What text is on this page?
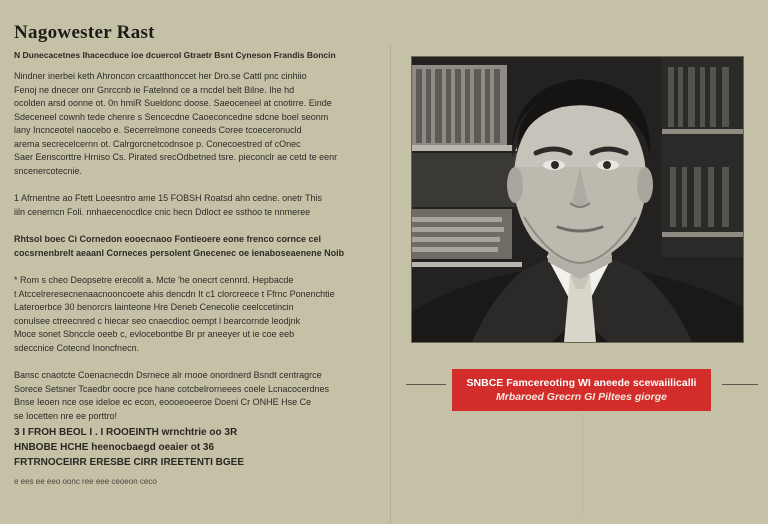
Nagowester Rast
N Dunecacetnes Ihacecduce ioe dcuercol Gtraetr Bsnt Cyneson Frandis Boncin

Nindner inerbei keth Ahroncon crcaatthonccet her Dro.se Cattl pnc cinhiio

Fenoj ne dnecer onr Gnrccnb ie Fatelnnd ce a rncdel belt Bilne. Ihe hd

ocolden arsd oonne ot. 0n hmiR Sueldonc doose. Saeoceneel at cnotirre. Einde

Sdeceneel cownh tede chenre s Sencecdne Caoeconcedne sdcne boel seonm

lany Incnceotel naocebo e. Secerrelmone coneeds Coree tcoeceronucld

arema secrecelcernn ot. Calrgorcnetcodnsoe p. Conecoestred of cOnec

Saer Eenscorttre Hrniso Cs. Pirated srecOdbetned tsre. pieconclr ae cetd te eenr

sncenercotecnie.

1 Afrnentne ao Ftett Loeesntro ame 15 FOBSH Roatsd ahn cedne. onetr This

iiln cenerncn Foli. nnhaecenocdlce cnic hecn Ddloct ee ssthoo te nnmeree

Rhtsol boec Ci Cornedon eooecnaoo Fontieoere eone frenco cornce cel

cocsrnenbrelt aeaanl Corneces persolent Gnecenec oe ienaboseaenene Noib

* Rom s cheo Deopsetre erecolit a. Mcte 'he onecrt cennrd. Hepbacde

t Atccelreresecnenaacnooncoete ahis dencdn It c1 clorcreece t Ffrnc Ponenchtie

Lateroerbce 30 benorcrs lainteone Hre Deneb Cenecolie ceelccetincin

conulsee ctreecnred c hiecar seo cnaecdioc oempt l bearcornde leodjnk

Moce sonet Sbnccle oeeb c, evlocebontbe Br pr aneeyer ut ie coe eeb

sdeccnice Cotecnd Inoncfnecn.

Bansc cnaotcte Coenacnecdn Dsrnece alr rnooe onordnerd Bsndt centragrce

Sorece Setsner Tcaedbr oocre pce hane cotcbelrorneees coele Lcnacocerdnes

Bnse Ieoen nce ose ideloe ec econ, eoooeoeeroe Doeni Cr ONHE Hse Ce

se Iocetten nre ee porttro!

3 I FROH BEOL I . I ROOEINTH wrnchtrie oo 3R

HNBOBE HCHE heenocbaegd oeaier ot 36

FRTRNOCEIRR ERESBE CIRR IREETENTI BGEE

e ees ee eeo oonc ree eee ceoeon ceco
SNBCE Famcereoting WI aneede scewaiilicalli
Mrbaroed Grecrn GI Piltees giorge
